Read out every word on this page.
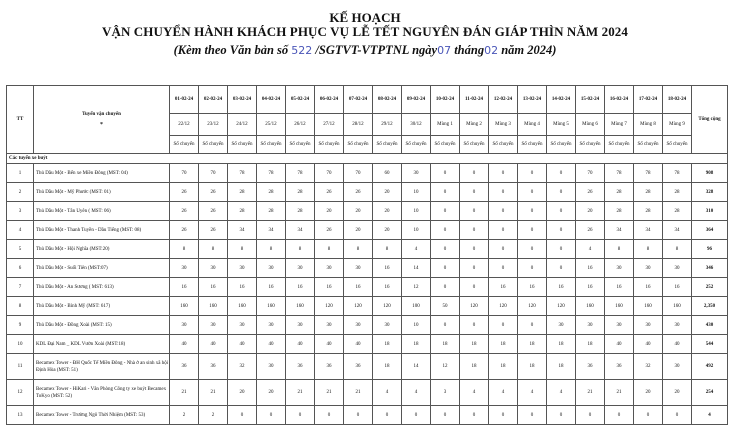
KẾ HOẠCH
VẬN CHUYỂN HÀNH KHÁCH PHỤC VỤ LỄ TẾT NGUYÊN ĐÁN GIÁP THÌN NĂM 2024
(Kèm theo Văn bản số 522 /SGTVT-VTPTNL ngày07 tháng02 năm 2024)
TT	Tuyến vận chuyển

*	01-02-24	02-02-24	03-02-24	04-02-24	05-02-24	06-02-24	07-02-24	08-02-24	09-02-24	10-02-24	11-02-24	12-02-24	13-02-24	14-02-24	15-02-24	16-02-24	17-02-24	18-02-24	Tổng cộng
		22/12	23/12	24/12	25/12	26/12	27/12	28/12	29/12	30/12	Mùng 1	Mùng 2	Mùng 3	Mùng 4	Mùng 5	Mùng 6	Mùng 7	Mùng 8	Mùng 9	
		Số chuyến	Số chuyến	Số chuyến	Số chuyến	Số chuyến	Số chuyến	Số chuyến	Số chuyến	Số chuyến	Số chuyến	Số chuyến	Số chuyến	Số chuyến	Số chuyến	Số chuyến	Số chuyến	Số chuyến	Số chuyến	
Các tuyến xe buýt																				
1	Thủ Dầu Một - Bến xe Miền Đông (MST: 04)	70	70	78	78	78	70	70	60	30	0	0	0	0	0	70	78	78	78	908
2	Thủ Dầu Một - Mỹ Phước (MST: 01)	26	26	28	28	28	26	26	20	10	0	0	0	0	0	26	28	28	28	328
3	Thủ Dầu Một - Tân Uyên ( MST: 06)	26	26	28	28	28	20	20	20	10	0	0	0	0	0	20	28	28	28	310
4	Thủ Dầu Một - Thanh Tuyền - Dầu Tiếng (MST: 08)	26	26	34	34	34	26	20	20	10	0	0	0	0	0	26	34	34	34	364
5	Thủ Dầu Một - Hội Nghĩa (MST:20)	8	8	8	8	8	8	8	8	4	0	0	0	0	0	4	8	8	8	96
6	Thủ Dầu Một - Suối Tiên (MST:07)	30	30	30	30	30	30	30	16	14	0	0	0	0	0	16	30	30	30	346
7	Thủ Dầu Một - An Sương ( MST: 613)	16	16	16	16	16	16	16	16	12	0	0	16	16	16	16	16	16	16	252
8	Thủ Dầu Một - Bình Mỹ (MST: 617)	160	160	160	160	160	120	120	120	100	50	120	120	120	120	160	160	160	160	2,350
9	Thủ Dầu Một - Đồng Xoài (MST: 15)	30	30	30	30	30	30	30	30	10	0	0	0	0	30	30	30	30	30	430
10	KDL Đại Nam _ KDL Vườn Xoài (MST:18)	40	40	40	40	40	40	40	18	18	18	18	18	18	18	18	40	40	40	544
11	Becamex Tower - ĐH Quốc Tế Miền Đông - Nhà ở an sinh xã hội Định Hòa (MST: 51)	36	36	32	30	36	36	36	18	14	12	18	18	18	18	36	36	32	30	492
12	Becamex Tower - HiKari - Văn Phòng Công ty xe buýt Becamex ToKyo (MST: 52)	21	21	20	20	21	21	21	4	4	3	4	4	4	4	21	21	20	20	254
13	Becamex Tower - Trường Ngô Thời Nhiệm (MST: 53)	2	2	0	0	0	0	0	0	0	0	0	0	0	0	0	0	0	0	4
